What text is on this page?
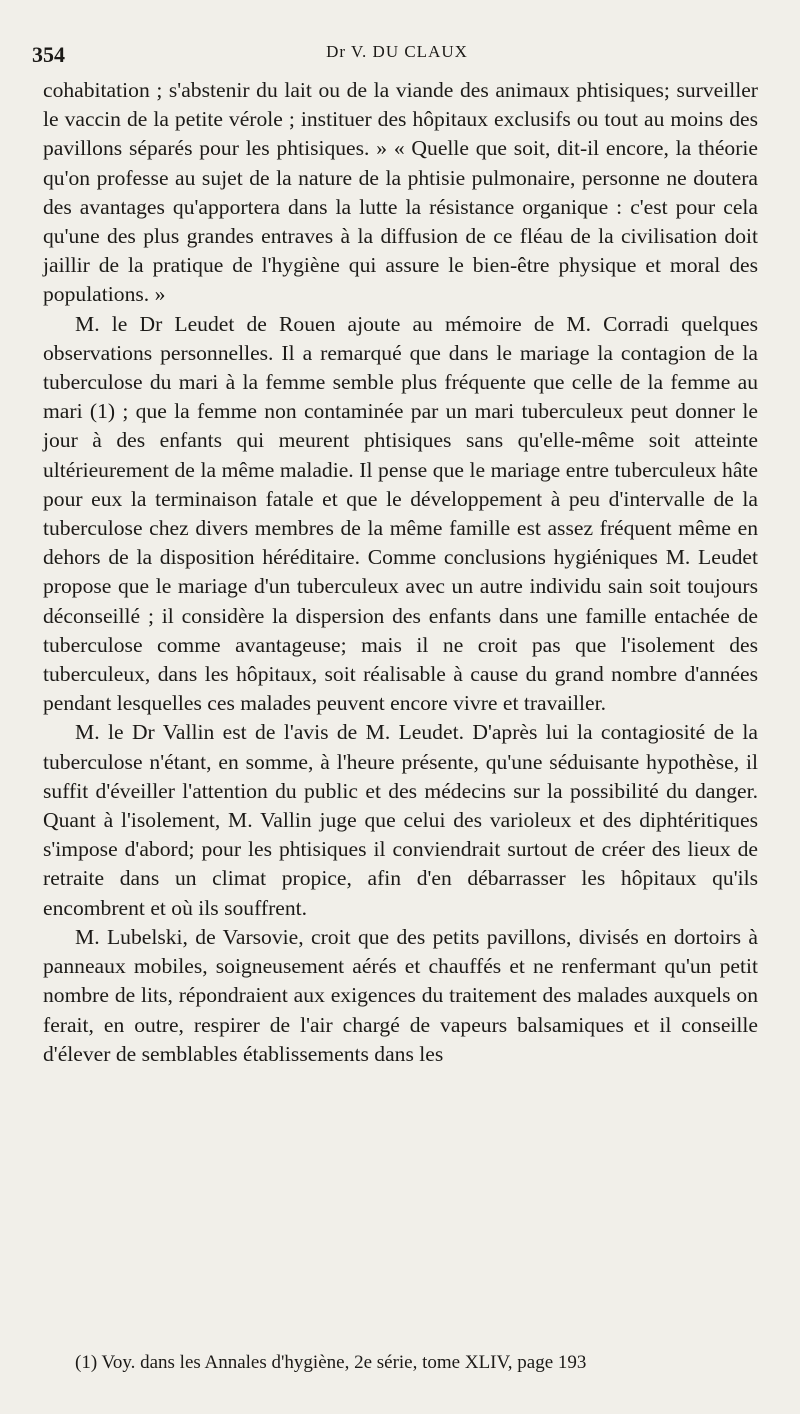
354	Dr V. DU CLAUX

cohabitation ; s'abstenir du lait ou de la viande des animaux phtisiques; surveiller le vaccin de la petite vérole ; instituer des hôpitaux exclusifs ou tout au moins des pavillons séparés pour les phtisiques. » « Quelle que soit, dit-il encore, la théorie qu'on professe au sujet de la nature de la phtisie pulmonaire, personne ne doutera des avantages qu'apportera dans la lutte la résistance organique : c'est pour cela qu'une des plus grandes entraves à la diffusion de ce fléau de la civilisation doit jaillir de la pratique de l'hygiène qui assure le bien-être physique et moral des populations. »

M. le Dr Leudet de Rouen ajoute au mémoire de M. Corradi quelques observations personnelles. Il a remarqué que dans le mariage la contagion de la tuberculose du mari à la femme semble plus fréquente que celle de la femme au mari (1) ; que la femme non contaminée par un mari tuberculeux peut donner le jour à des enfants qui meurent phtisiques sans qu'elle-même soit atteinte ultérieurement de la même maladie. Il pense que le mariage entre tuberculeux hâte pour eux la terminaison fatale et que le développement à peu d'intervalle de la tuberculose chez divers membres de la même famille est assez fréquent même en dehors de la disposition héréditaire. Comme conclusions hygiéniques M. Leudet propose que le mariage d'un tuberculeux avec un autre individu sain soit toujours déconseillé ; il considère la dispersion des enfants dans une famille entachée de tuberculose comme avantageuse; mais il ne croit pas que l'isolement des tuberculeux, dans les hôpitaux, soit réalisable à cause du grand nombre d'années pendant lesquelles ces malades peuvent encore vivre et travailler.

M. le Dr Vallin est de l'avis de M. Leudet. D'après lui la contagiosité de la tuberculose n'étant, en somme, à l'heure présente, qu'une séduisante hypothèse, il suffit d'éveiller l'attention du public et des médecins sur la possibilité du danger. Quant à l'isolement, M. Vallin juge que celui des varioleux et des diphtéritiques s'impose d'abord; pour les phtisiques il conviendrait surtout de créer des lieux de retraite dans un climat propice, afin d'en débarrasser les hôpitaux qu'ils encombrent et où ils souffrent.

M. Lubelski, de Varsovie, croit que des petits pavillons, divisés en dortoirs à panneaux mobiles, soigneusement aérés et chauffés et ne renfermant qu'un petit nombre de lits, répondraient aux exigences du traitement des malades auxquels on ferait, en outre, respirer de l'air chargé de vapeurs balsamiques et il conseille d'élever de semblables établissements dans les

(1) Voy. dans les Annales d'hygiène, 2e série, tome XLIV, page 193
